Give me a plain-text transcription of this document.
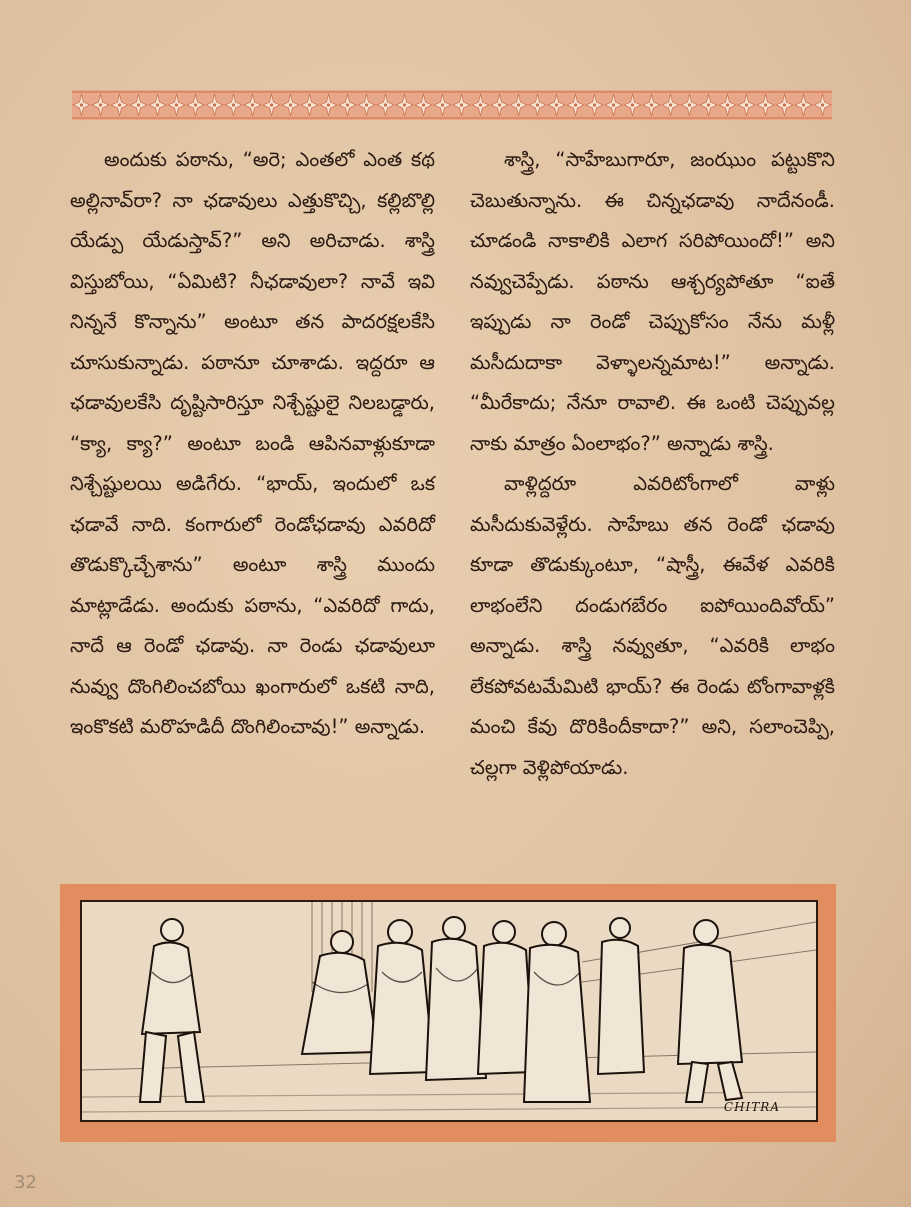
అందుకు పఠాను, “అరె; ఎంతలో ఎంత కథ అల్లినావ్‌రా? నా ఛడావులు ఎత్తుకొచ్చి, కల్లిబొల్లి యేడ్పు యేడుస్తావ్?” అని అరిచాడు. శాస్త్రి విస్తుబోయి, “ఏమిటి? నీఛడావులా? నావే ఇవి నిన్ననే కొన్నాను” అంటూ తన పాదరక్షలకేసి చూసుకున్నాడు. పఠానూ చూశాడు. ఇద్దరూ ఆ ఛడావులకేసి దృష్టిసారిస్తూ నిశ్చేష్టులై నిలబడ్డారు, “క్యా, క్యా?” అంటూ బండి ఆపినవాళ్లుకూడా నిశ్చేష్టులయి అడిగేరు. “భాయ్, ఇందులో ఒక ఛడావే నాది. కంగారులో రెండోఛడావు ఎవరిదో తొడుక్కొచ్చేశాను” అంటూ శాస్త్రి ముందు మాట్లాడేడు. అందుకు పఠాను, “ఎవరిదో గాదు, నాదే ఆ రెండో ఛడావు. నా రెండు ఛడావులూ నువ్వు దొంగిలించబోయి ఖంగారులో ఒకటి నాది, ఇంకొకటి మరొహడిదీ దొంగిలించావు!” అన్నాడు.

శాస్త్రి, “సాహేబుగారూ, జంఝుం పట్టుకొని చెబుతున్నాను. ఈ చిన్నఛడావు నాదేనండీ. చూడండి నాకాలికి ఎలాగ సరిపోయిందో!” అని నవ్వుచెప్పేడు. పఠాను ఆశ్చర్యపోతూ “ఐతే ఇప్పుడు నా రెండో చెప్పుకోసం నేను మళ్లీ మసీదుదాకా వెళ్ళాలన్నమాట!” అన్నాడు. “మీరేకాదు; నేనూ రావాలి. ఈ ఒంటి చెప్పువల్ల నాకు మాత్రం ఏంలాభం?” అన్నాడు శాస్త్రి.

వాళ్లిద్దరూ ఎవరిటోంగాలో వాళ్లు మసీదుకువెళ్లేరు. సాహేబు తన రెండో ఛడావు కూడా తొడుక్కుంటూ, “షాస్త్రీ, ఈవేళ ఎవరికి లాభంలేని దండుగబేరం ఐపోయిందివోయ్” అన్నాడు. శాస్త్రి నవ్వుతూ, “ఎవరికి లాభం లేకపోవటమేమిటి భాయ్? ఈ రెండు టోంగావాళ్లకి మంచి కేవు దొరికిందీకాదా?” అని, సలాంచెప్పి, చల్లగా వెళ్లిపోయాడు.

CHITRA
32
